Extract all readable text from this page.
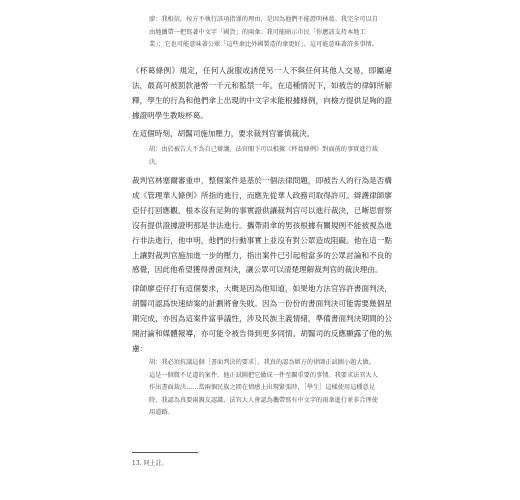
廖：我相信，按方不執行該項指罪的理由，是因為他們不能證明林葛。我完全可以自由地攜帶一把寫著中文字「國貨」的兩傘。我可能暗示市民「你應該支持本地工業」；它也可能意味著公眾「這些傘比外國製造的傘更好」。這可能意味著許多事情。

《杯葛條例》規定，任何人說服或誘使另一人不與任何其他人交易，即屬違法，最高可被罰款港幣一千元和監禁一年。在這種情況下，如被告的律師所解釋，學生的行為和他們傘上出現的中文字未能根據條例，向檢方提供足夠的證據證明學生教唆杯葛。

在這個時刻，胡醫司施加壓力，要求裁判官審慎裁決。

胡：由於被告人不為自己辯護，法官閣下可以根據《杯葛條例》對面前的事實進行裁決。

裁判官林塞爾審重申，整個案件是基於一個法律問題，即被告人的行為是否構成《管理華人條例》所指的進行，而應先從華人政務司取得許可。辯護律師廖亞仔打回應觀，根本沒有足夠的事實證供讓裁判官可以進行裁決，已晰思督察沒有提供證據證明那是非法進行。攜帶雨傘的男孩根據有關規例不能被視為進行非法進行，他申明，他們的行動事實上並沒有對公眾造成阻礙。他在這一點上讓對裁判官施加進一步的壓力，指出案件已引起相當多的公眾討論和不良的感覺，因此他希望獲得書面判決，讓公眾可以清楚理解裁判官的裁決理由。

律師廖亞仔打有這個要求，大概是因為他知道，如果地方法官容許書面判決，胡醫司認爲快速結案的計劃將會失敗。因為一份份的書面判決可能需要幾個星期完成，亦因為這案件富爭議性，涉及民族主義情緒，準備書面判決期間的公開討論和媒體報導，亦可能令被告得到更多同情。胡醫司的反應顯露了他的焦慮：

胡：我必須抗議這個［書面判決的要求］。我真的認為辯方的律師正試圖小題大做。這是一個微不足道的案件，他正試圖把它做成一件至關重要的事情。我要求法官大人作出書面裁決……當兩個民族之間在情感上出現緊張時，［學生］這樣使用這種意見時，我認為真要兩親友認識，法官大人會認為攜帶寫有中文字的雨傘進行並非合理使用道路。

13. 同上註。
